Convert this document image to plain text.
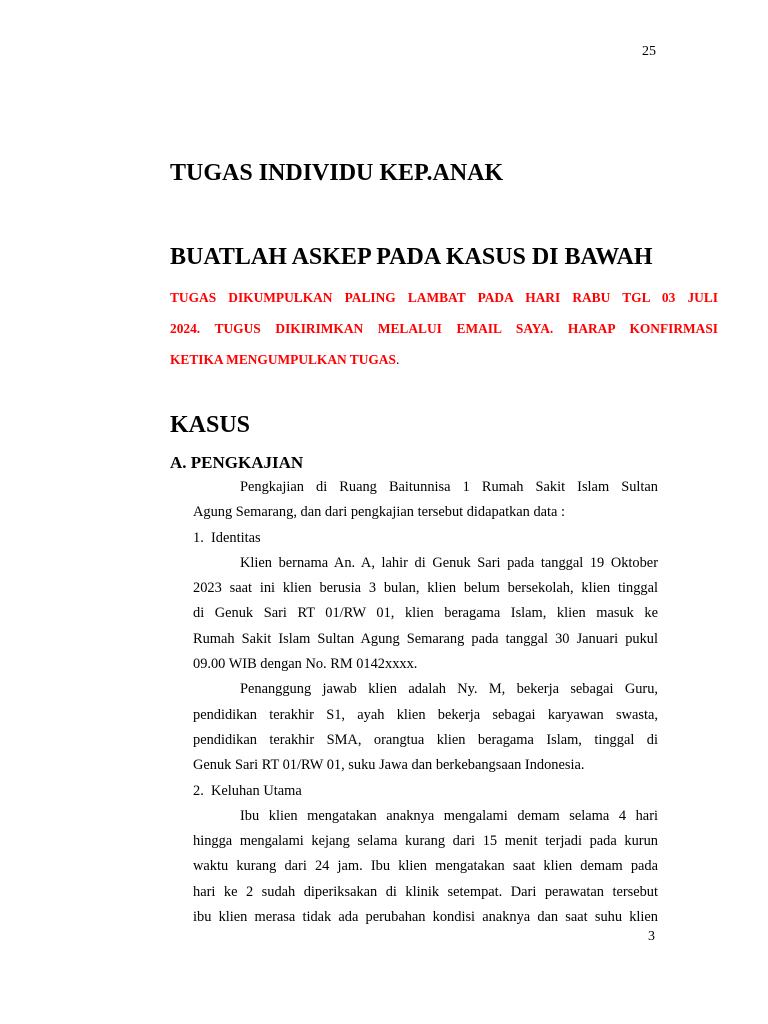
25
TUGAS INDIVIDU KEP.ANAK
BUATLAH ASKEP PADA KASUS DI BAWAH
TUGAS DIKUMPULKAN PALING LAMBAT PADA HARI RABU TGL 03 JULI
2024. TUGUS DIKIRIMKAN MELALUI EMAIL SAYA. HARAP KONFIRMASI
KETIKA MENGUMPULKAN TUGAS.
KASUS
A. PENGKAJIAN
Pengkajian di Ruang Baitunnisa 1 Rumah Sakit Islam Sultan
Agung Semarang, dan dari pengkajian tersebut didapatkan data :
1. Identitas
Klien bernama An. A, lahir di Genuk Sari pada tanggal 19 Oktober
2023 saat ini klien berusia 3 bulan, klien belum bersekolah, klien tinggal
di Genuk Sari RT 01/RW 01, klien beragama Islam, klien masuk ke
Rumah Sakit Islam Sultan Agung Semarang pada tanggal 30 Januari pukul
09.00 WIB dengan No. RM 0142xxxx.
Penanggung jawab klien adalah Ny. M, bekerja sebagai Guru,
pendidikan terakhir S1, ayah klien bekerja sebagai karyawan swasta,
pendidikan terakhir SMA, orangtua klien beragama Islam, tinggal di
Genuk Sari RT 01/RW 01, suku Jawa dan berkebangsaan Indonesia.
2. Keluhan Utama
Ibu klien mengatakan anaknya mengalami demam selama 4 hari
hingga mengalami kejang selama kurang dari 15 menit terjadi pada kurun
waktu kurang dari 24 jam. Ibu klien mengatakan saat klien demam pada
hari ke 2 sudah diperiksakan di klinik setempat. Dari perawatan tersebut
ibu klien merasa tidak ada perubahan kondisi anaknya dan saat suhu klien
3
